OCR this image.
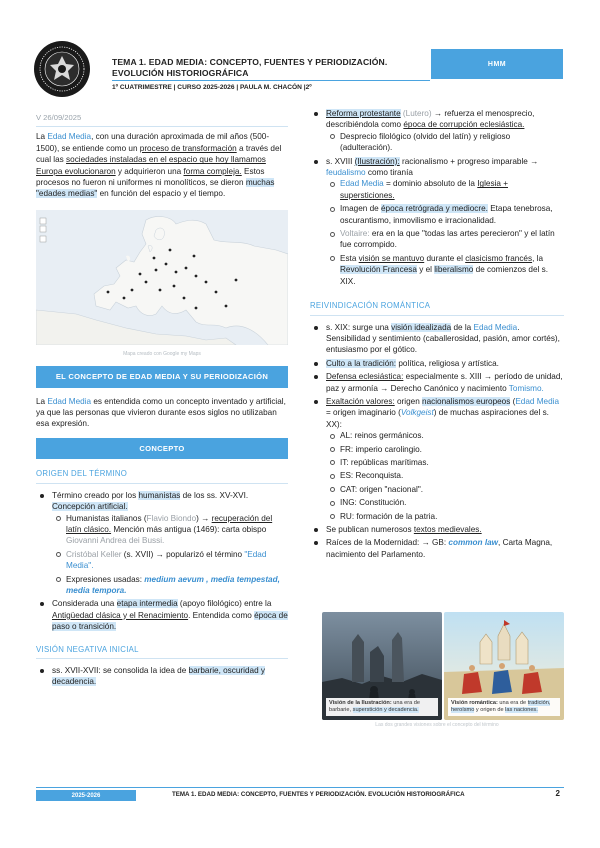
TEMA 1. EDAD MEDIA: CONCEPTO, FUENTES Y PERIODIZACIÓN. EVOLUCIÓN HISTORIOGRÁFICA
1º CUATRIMESTRE | CURSO 2025-2026 | PAULA M. CHACÓN |2º
HMM
V 26/09/2025

La Edad Media, con una duración aproximada de mil años (500-1500), se entiende como un proceso de transformación a través del cual las sociedades instaladas en el espacio que hoy llamamos Europa evolucionaron y adquirieron una forma compleja. Estos procesos no fueron ni uniformes ni monolíticos, se dieron muchas "edades medias" en función del espacio y el tiempo.

Mapa creado con Google my Maps
EL CONCEPTO DE EDAD MEDIA Y SU PERIODIZACIÓN

La Edad Media es entendida como un concepto inventado y artificial, ya que las personas que vivieron durante esos siglos no utilizaban esa expresión.

CONCEPTO
ORIGEN DEL TÉRMINO
Término creado por los humanistas de los ss. XV-XVI. Concepción artificial.
Humanistas italianos (Flavio Biondo) → recuperación del latín clásico. Mención más antigua (1469): carta obispo Giovanni Andrea dei Bussi.
Cristóbal Keller (s. XVII) → popularizó el término "Edad Media".
Expresiones usadas: medium aevum , media tempestad, media tempora.
Considerada una etapa intermedia (apoyo filológico) entre la Antigüedad clásica y el Renacimiento. Entendida como época de paso o transición.
VISIÓN NEGATIVA INICIAL
ss. XVII-XVII: se consolida la idea de barbarie, oscuridad y decadencia.
Reforma protestante (Lutero) → refuerza el menosprecio, describiéndola como época de corrupción eclesiástica.
Desprecio filológico (olvido del latín) y religioso (adulteración).
s. XVIII (Ilustración): racionalismo + progreso imparable → feudalismo como tiranía
Edad Media = dominio absoluto de la Iglesia + supersticiones.
Imagen de época retrógrada y mediocre. Etapa tenebrosa, oscurantismo, inmovilismo e irracionalidad.
Voltaire: era en la que "todas las artes perecieron" y el latín fue corrompido.
Esta visión se mantuvo durante el clasicismo francés, la Revolución Francesa y el liberalismo de comienzos del s. XIX.
REIVINDICACIÓN ROMÁNTICA
s. XIX: surge una visión idealizada de la Edad Media. Sensibilidad y sentimiento (caballerosidad, pasión, amor cortés), entusiasmo por el gótico.
Culto a la tradición: política, religiosa y artística.
Defensa eclesiástica: especialmente s. XIII → período de unidad, paz y armonía → Derecho Canónico y nacimiento Tomismo.
Exaltación valores: origen nacionalismos europeos (Edad Media = origen imaginario (Volkgeist) de muchas aspiraciones del s. XX):
AL: reinos germánicos.
FR: imperio carolingio.
IT: repúblicas marítimas.
ES: Reconquista.
CAT: origen "nacional".
ING: Constitución.
RU: formación de la patria.
Se publican numerosos textos medievales.
Raíces de la Modernidad: → GB: common law, Carta Magna, nacimiento del Parlamento.
Visión de la Ilustración: una era de barbarie, superstición y decadencia.
Visión romántica: una era de tradición, heroísmo y origen de las naciones.
Las dos grandes visiones sobre el concepto del término
2025-2026	TEMA 1. EDAD MEDIA: CONCEPTO, FUENTES Y PERIODIZACIÓN. EVOLUCIÓN HISTORIOGRÁFICA	2
